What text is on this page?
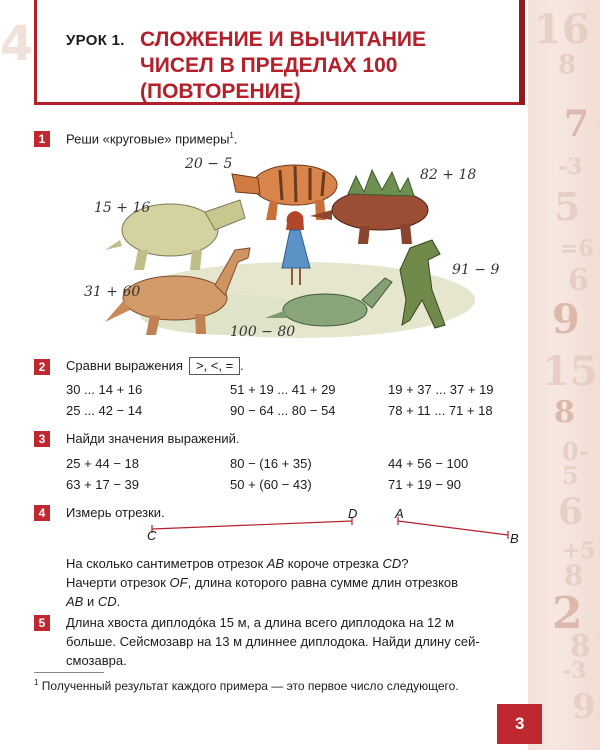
16
8
7
-3
5
=6
6
9
15
8
0-5
6
+5
8
2
8
-3
9
4 УРОК 1. СЛОЖЕНИЕ И ВЫЧИТАНИЕ
ЧИСЕЛ В ПРЕДЕЛАХ 100
(ПОВТОРЕНИЕ)
1	Реши «круговые» примеры$^1$.
20 − 5
82 + 18
15 + 16
91 − 9
31 + 60
100 − 80
2	Сравни выражения >, <, = .
30 ... 14 + 16	51 + 19 ... 41 + 29	19 + 37 ... 37 + 19
25 ... 42 − 14	90 − 64 ... 80 − 54	78 + 11 ... 71 + 18
3	Найди значения выражений.
25 + 44 − 18	80 − (16 + 35)	44 + 56 − 100
63 + 17 − 39	50 + (60 − 43)	71 + 19 − 90
4	Измерь отрезки.
C
D	A
B
На сколько сантиметров отрезок AB короче отрезка CD?
Начерти отрезок OF, длина которого равна сумме длин отрезков
AB и CD.
5	Длина хвоста диплодóка 15 м, а длина всего диплодока на 12 м
больше. Сейсмозавр на 13 м длиннее диплодока. Найди длину сей-
смозавра.
$^1$ Полученный результат каждого примера — это первое число следующего.
3
